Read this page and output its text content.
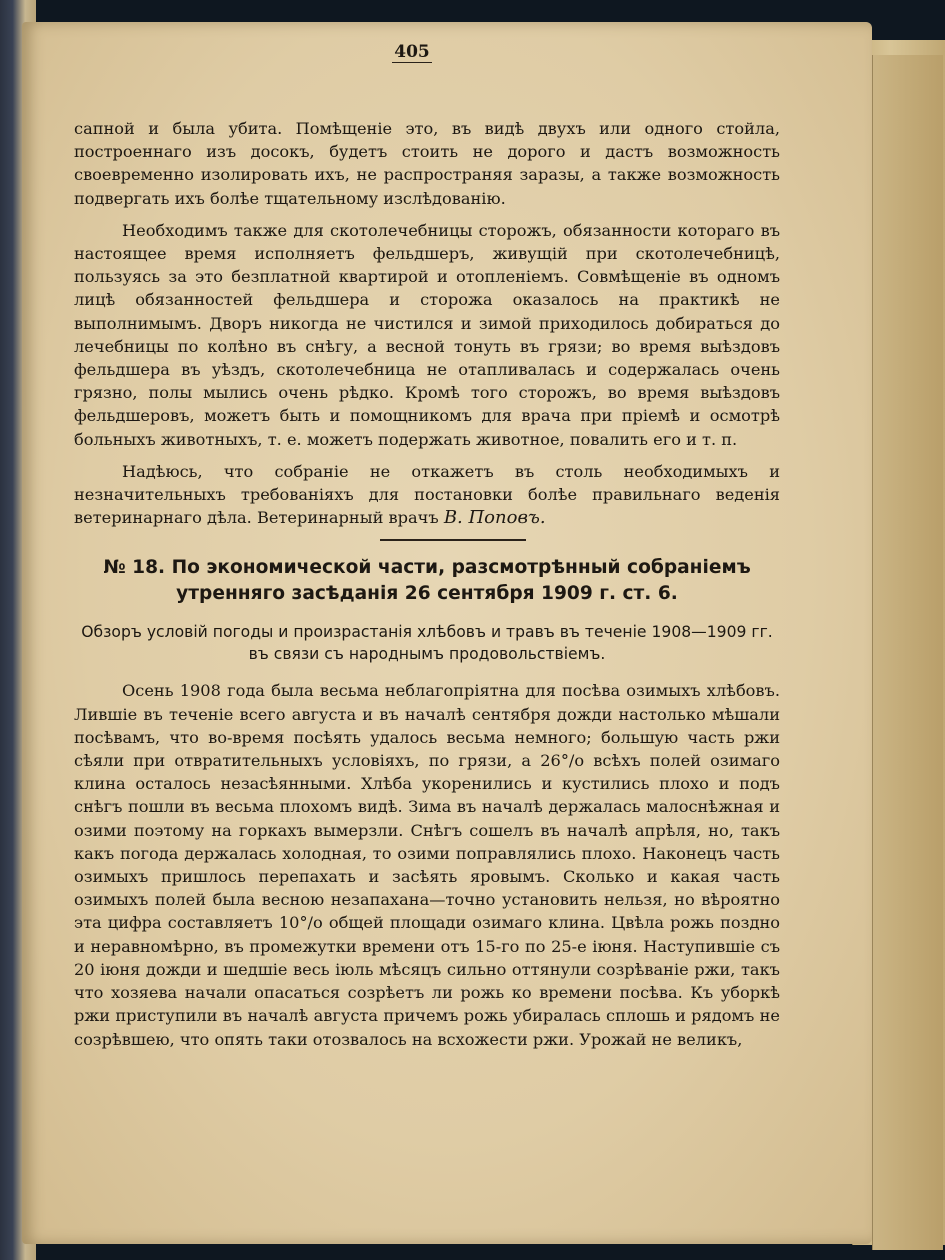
405

сапной и была убита. Помѣщеніе это, въ видѣ двухъ или одного стойла, построеннаго изъ досокъ, будетъ стоить не дорого и дастъ возможность своевременно изолировать ихъ, не распространяя заразы, а также возможность подвергать ихъ болѣе тщательному изслѣдованію.

Необходимъ также для скотолечебницы сторожъ, обязанности котораго въ настоящее время исполняетъ фельдшеръ, живущій при скотолечебницѣ, пользуясь за это безплатной квартирой и отопленіемъ. Совмѣщеніе въ одномъ лицѣ обязанностей фельдшера и сторожа оказалось на практикѣ не выполнимымъ. Дворъ никогда не чистился и зимой приходилось добираться до лечебницы по колѣно въ снѣгу, а весной тонуть въ грязи; во время выѣздовъ фельдшера въ уѣздъ, скотолечебница не отапливалась и содержалась очень грязно, полы мылись очень рѣдко. Кромѣ того сторожъ, во время выѣздовъ фельдшеровъ, можетъ быть и помощникомъ для врача при пріемѣ и осмотрѣ больныхъ животныхъ, т. е. можетъ подержать животное, повалить его и т. п.

Надѣюсь, что собраніе не откажетъ въ столь необходимыхъ и незначительныхъ требованіяхъ для постановки болѣе правильнаго веденія ветеринарнаго дѣла. Ветеринарный врачъ В. Поповъ.

№ 18. По экономической части, разсмотрѣнный собраніемъ утренняго засѣданія 26 сентября 1909 г. ст. 6.
Обзоръ условій погоды и произрастанія хлѣбовъ и травъ въ теченіе 1908—1909 гг. въ связи съ народнымъ продовольствіемъ.

Осень 1908 года была весьма неблагопріятна для посѣва озимыхъ хлѣбовъ. Лившіе въ теченіе всего августа и въ началѣ сентября дожди настолько мѣшали посѣвамъ, что во-время посѣять удалось весьма немного; большую часть ржи сѣяли при отвратительныхъ условіяхъ, по грязи, а 26°/о всѣхъ полей озимаго клина осталось незасѣянными. Хлѣба укоренились и кустились плохо и подъ снѣгъ пошли въ весьма плохомъ видѣ. Зима въ началѣ держалась малоснѣжная и озими поэтому на горкахъ вымерзли. Снѣгъ сошелъ въ началѣ апрѣля, но, такъ какъ погода держалась холодная, то озими поправлялись плохо. Наконецъ часть озимыхъ пришлось перепахать и засѣять яровымъ. Сколько и какая часть озимыхъ полей была весною незапахана—точно установить нельзя, но вѣроятно эта цифра составляетъ 10°/о общей площади озимаго клина. Цвѣла рожь поздно и неравномѣрно, въ промежутки времени отъ 15-го по 25-е іюня. Наступившіе съ 20 іюня дожди и шедшіе весь іюль мѣсяцъ сильно оттянули созрѣваніе ржи, такъ что хозяева начали опасаться созрѣетъ ли рожь ко времени посѣва. Къ уборкѣ ржи приступили въ началѣ августа причемъ рожь убиралась сплошь и рядомъ не созрѣвшею, что опять таки отозвалось на всхожести ржи. Урожай не великъ,
